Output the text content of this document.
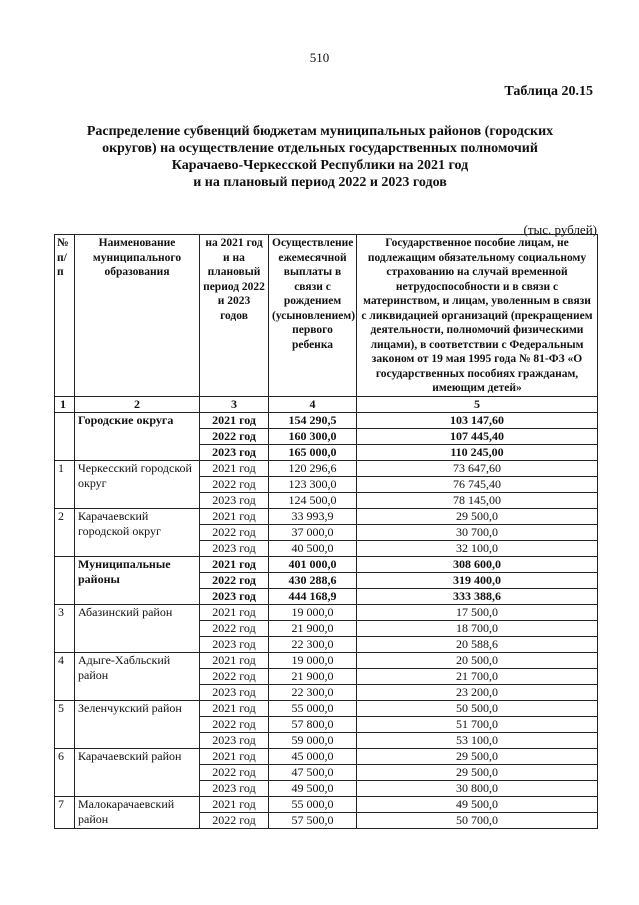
510
Таблица 20.15
Распределение субвенций бюджетам муниципальных районов (городских
округов) на осуществление отдельных государственных полномочий
Карачаево-Черкесской Республики на 2021 год
и на плановый период 2022 и 2023 годов
(тыс. рублей)
№ п/п	Наименование муниципального образования	на 2021 год и на плановый период 2022 и 2023 годов	Осуществление ежемесячной выплаты в связи с рождением (усыновлением) первого ребенка	Государственное пособие лицам, не подлежащим обязательному социальному страхованию на случай временной нетрудоспособности и в связи с материнством, и лицам, уволенным в связи с ликвидацией организаций (прекращением деятельности, полномочий физическими лицами), в соответствии с Федеральным законом от 19 мая 1995 года № 81-ФЗ «О государственных пособиях гражданам, имеющим детей»
1	2	3	4	5
	Городские округа	2021 год	154 290,5	103 147,60
		2022 год	160 300,0	107 445,40
		2023 год	165 000,0	110 245,00
1	Черкесский городской округ	2021 год	120 296,6	73 647,60
		2022 год	123 300,0	76 745,40
		2023 год	124 500,0	78 145,00
2	Карачаевский городской округ	2021 год	33 993,9	29 500,0
		2022 год	37 000,0	30 700,0
		2023 год	40 500,0	32 100,0
	Муниципальные районы	2021 год	401 000,0	308 600,0
		2022 год	430 288,6	319 400,0
		2023 год	444 168,9	333 388,6
3	Абазинский район	2021 год	19 000,0	17 500,0
		2022 год	21 900,0	18 700,0
		2023 год	22 300,0	20 588,6
4	Адыге-Хабльский район	2021 год	19 000,0	20 500,0
		2022 год	21 900,0	21 700,0
		2023 год	22 300,0	23 200,0
5	Зеленчукский район	2021 год	55 000,0	50 500,0
		2022 год	57 800,0	51 700,0
		2023 год	59 000,0	53 100,0
6	Карачаевский район	2021 год	45 000,0	29 500,0
		2022 год	47 500,0	29 500,0
		2023 год	49 500,0	30 800,0
7	Малокарачаевский район	2021 год	55 000,0	49 500,0
		2022 год	57 500,0	50 700,0
